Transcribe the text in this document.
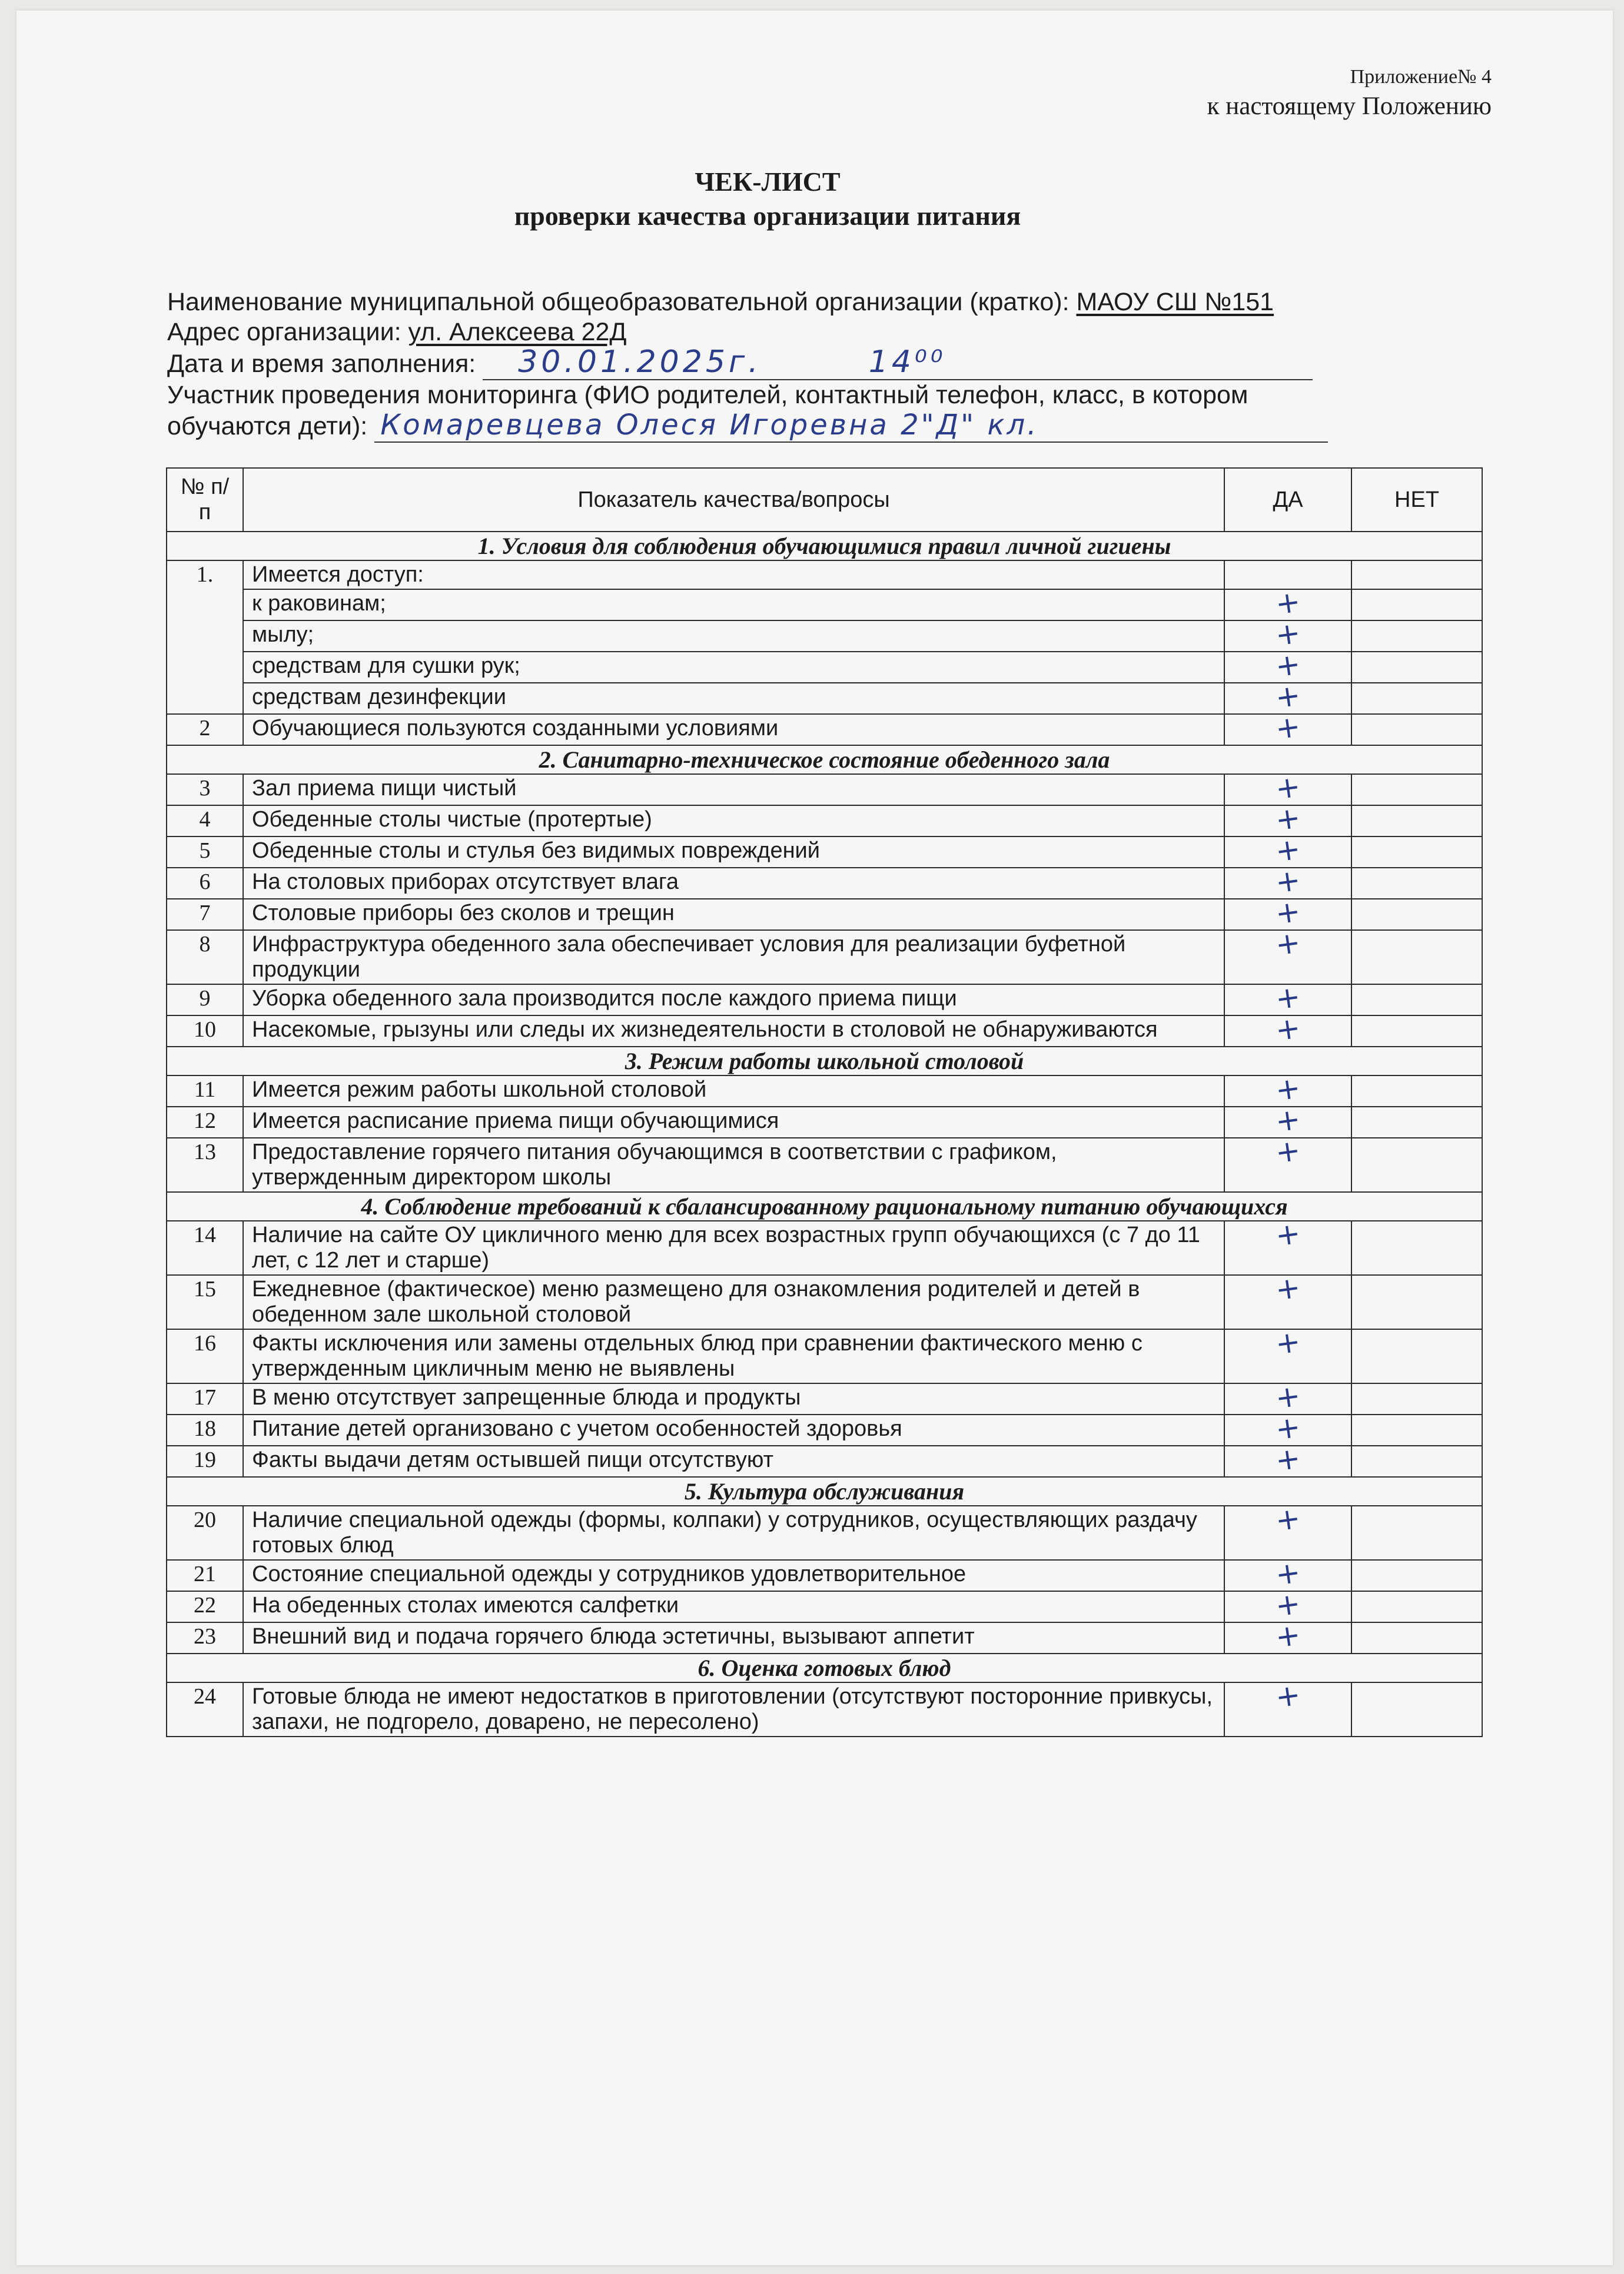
Приложение№ 4
к настоящему Положению
ЧЕК-ЛИСТ
проверки качества организации питания
Наименование муниципальной общеобразовательной организации (кратко): МАОУ СШ №151
Адрес организации: ул. Алексеева 22Д
Дата и время заполнения: 30.01.2025г.	14⁰⁰
Участник проведения мониторинга (ФИО родителей, контактный телефон, класс, в котором
обучаются дети): Комаревцева Олеся Игоревна 2"Д" кл.
№ п/п	Показатель качества/вопросы	ДА	НЕТ
1. Условия для соблюдения обучающимися правил личной гигиены			
1.	Имеется доступ:		
	к раковинам;	+	
	мылу;	+	
	средствам для сушки рук;	+	
	средствам дезинфекции	+	
2	Обучающиеся пользуются созданными условиями	+	
2. Санитарно-техническое состояние обеденного зала			
3	Зал приема пищи чистый	+	
4	Обеденные столы чистые (протертые)	+	
5	Обеденные столы и стулья без видимых повреждений	+	
6	На столовых приборах отсутствует влага	+	
7	Столовые приборы без сколов и трещин	+	
8	Инфраструктура обеденного зала обеспечивает условия для реализации буфетной продукции	+	
9	Уборка обеденного зала производится после каждого приема пищи	+	
10	Насекомые, грызуны или следы их жизнедеятельности в столовой не обнаруживаются	+	
3. Режим работы школьной столовой			
11	Имеется режим работы школьной столовой	+	
12	Имеется расписание приема пищи обучающимися	+	
13	Предоставление горячего питания обучающимся в соответствии с графиком, утвержденным директором школы	+	
4. Соблюдение требований к сбалансированному рациональному питанию обучающихся			
14	Наличие на сайте ОУ цикличного меню для всех возрастных групп обучающихся (с 7 до 11 лет, с 12 лет и старше)	+	
15	Ежедневное (фактическое) меню размещено для ознакомления родителей и детей в обеденном зале школьной столовой	+	
16	Факты исключения или замены отдельных блюд при сравнении фактического меню с утвержденным цикличным меню не выявлены	+	
17	В меню отсутствует запрещенные блюда и продукты	+	
18	Питание детей организовано с учетом особенностей здоровья	+	
19	Факты выдачи детям остывшей пищи отсутствуют	+	
5. Культура обслуживания			
20	Наличие специальной одежды (формы, колпаки) у сотрудников, осуществляющих раздачу готовых блюд	+	
21	Состояние специальной одежды у сотрудников удовлетворительное	+	
22	На обеденных столах имеются салфетки	+	
23	Внешний вид и подача горячего блюда эстетичны, вызывают аппетит	+	
6. Оценка готовых блюд			
24	Готовые блюда не имеют недостатков в приготовлении (отсутствуют посторонние привкусы, запахи, не подгорело, доварено, не пересолено)	+	
